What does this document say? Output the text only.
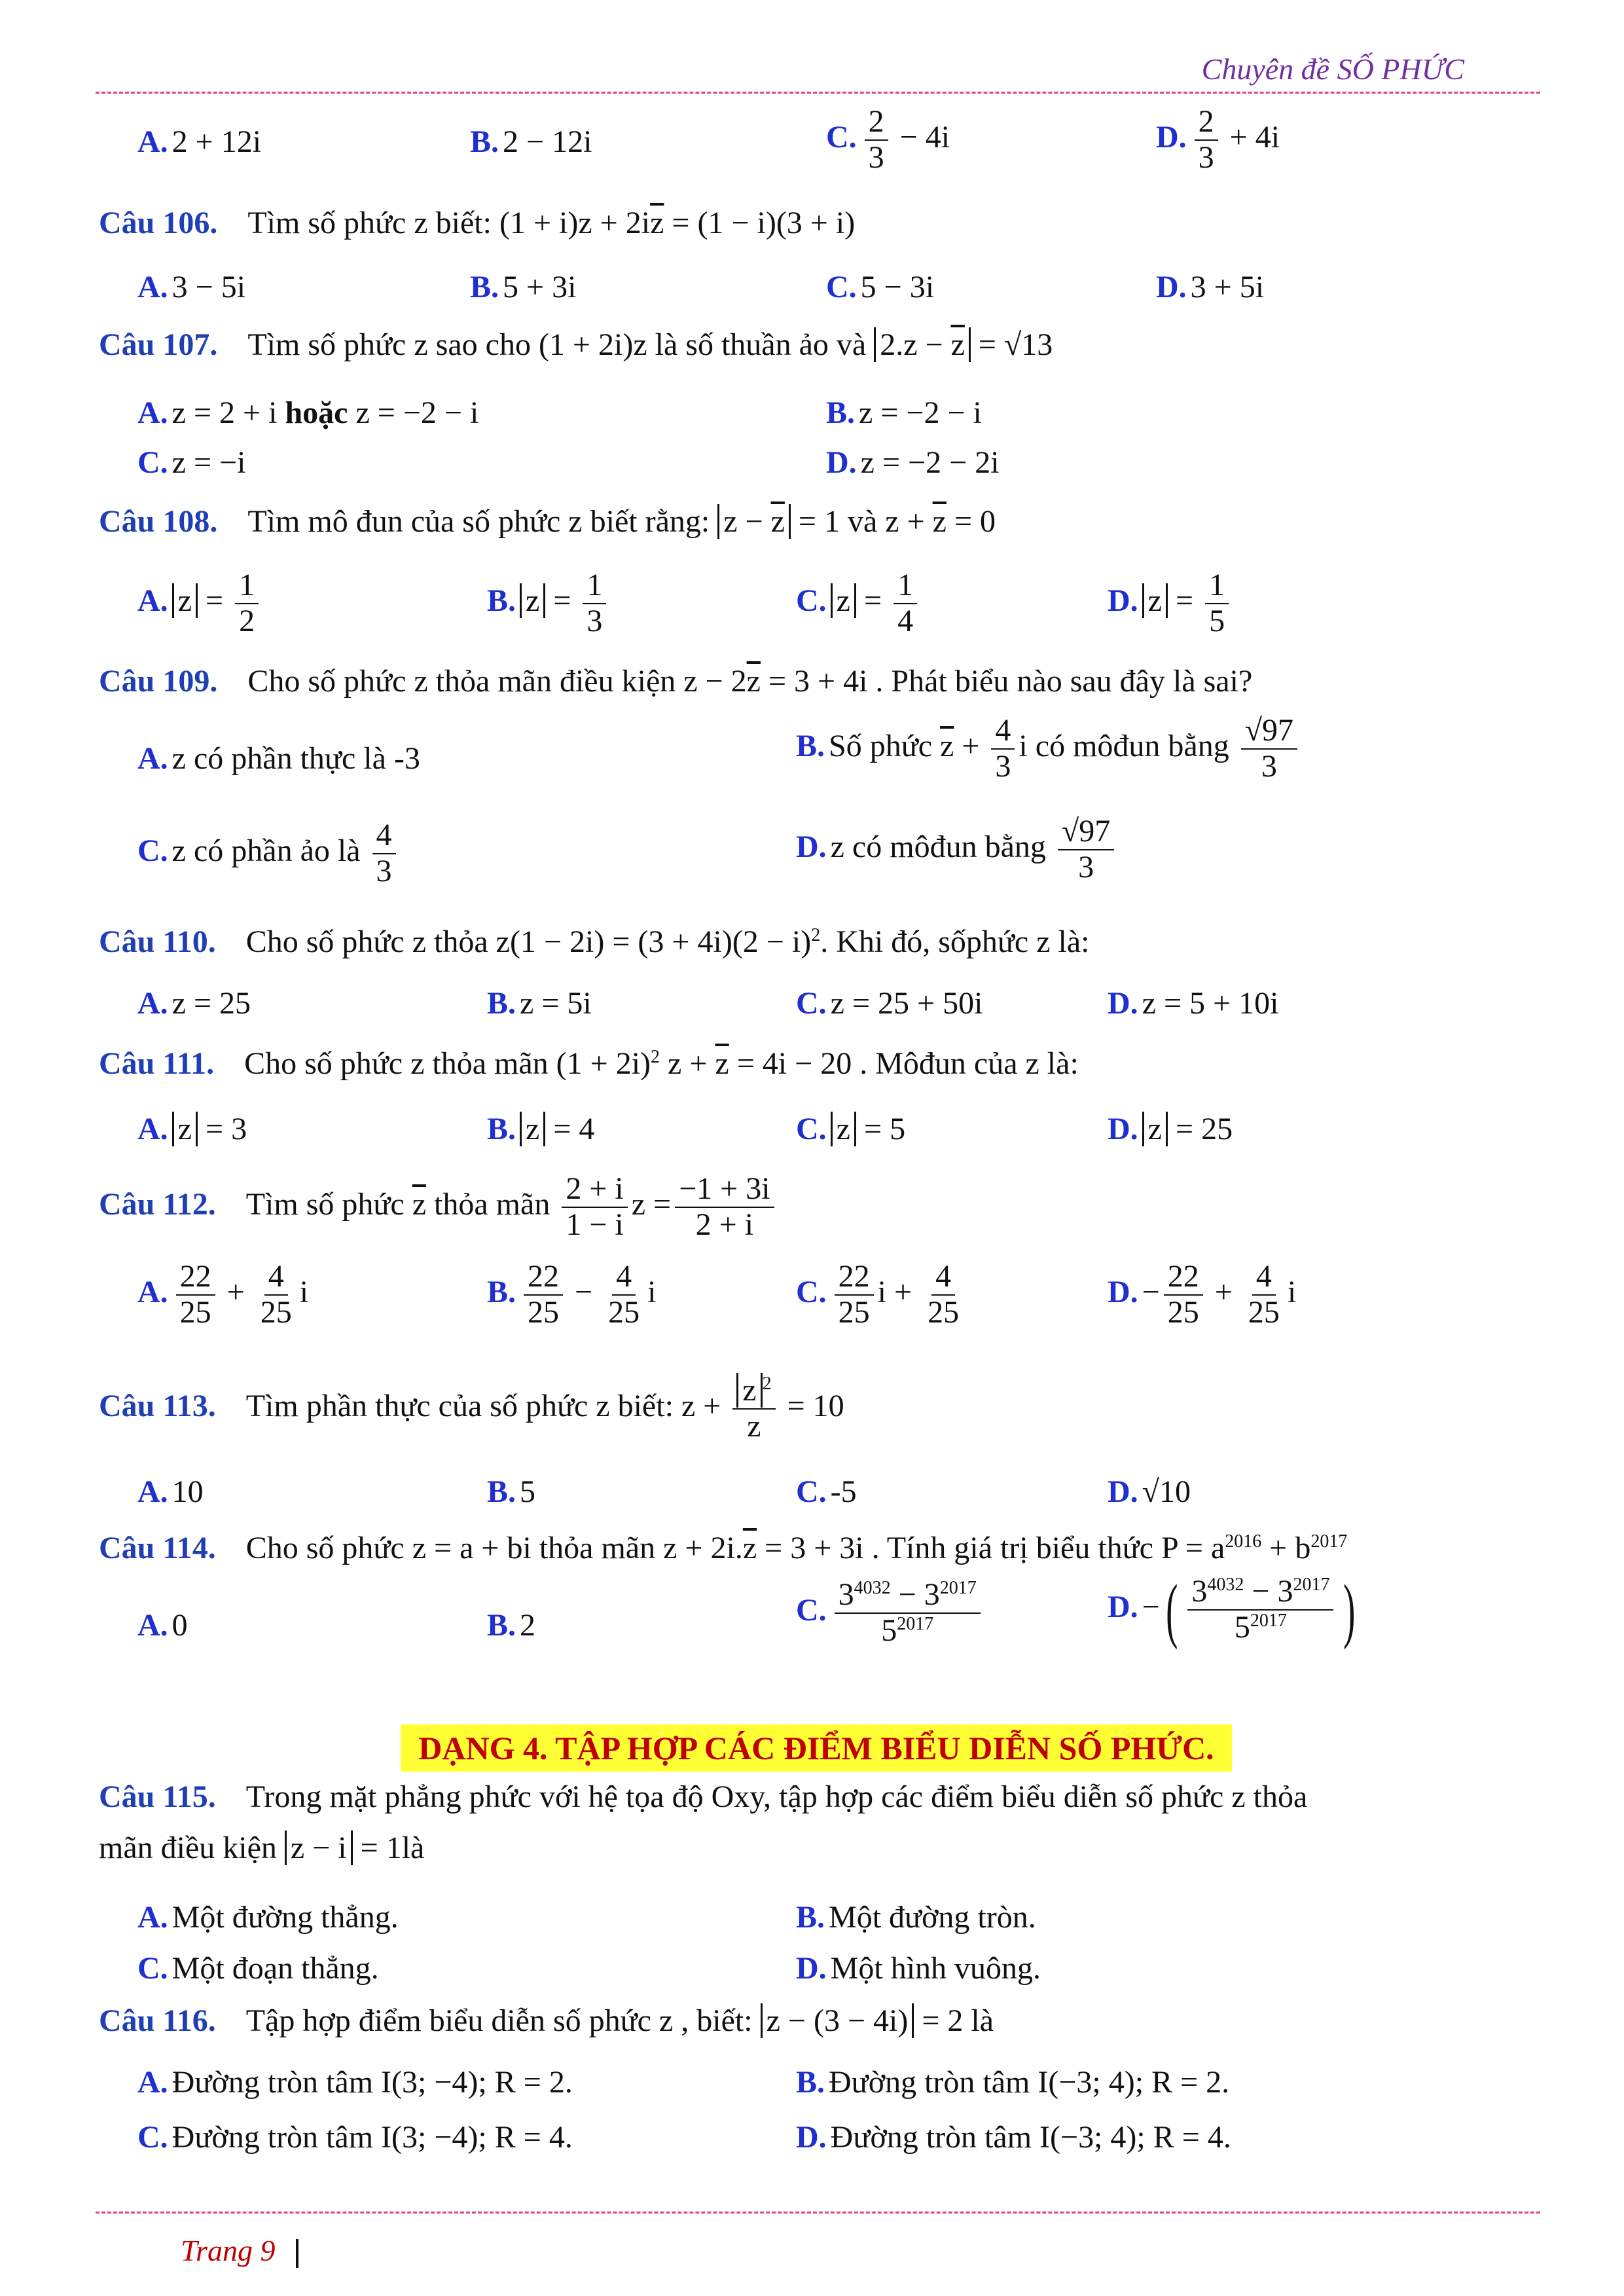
Chuyên đề SỐ PHỨC
A. 2 + 12i	B. 2 − 12i	C. $\frac{2}{3} - 4i$	D. $\frac{2}{3} + 4i$
Câu 106. Tìm số phức z biết: $(1 + i)z + 2i\overline{z} = (1 - i)(3 + i)$
A. 3 − 5i	B. 5 + 3i	C. 5 − 3i	D. 3 + 5i
Câu 107. Tìm số phức z sao cho (1 + 2i)z là số thuần ảo và $2.z - \overline{z} = √13$
A. z = 2 + i hoặc z = −2 − i	B. z = −2 − i
C. z = −i	D. z = −2 − 2i
Câu 108. Tìm mô đun của số phức z biết rằng: $z - \overline{z} = 1$ và $z + \overline{z} = 0$
A. $z = \frac{1}{2}$	B. $z = \frac{1}{3}$	C. $z = \frac{1}{4}$	D. $z = \frac{1}{5}$
Câu 109. Cho số phức z thỏa mãn điều kiện $z - 2\overline{z} = 3 + 4i$ . Phát biểu nào sau đây là sai?
A. z có phần thực là -3	B. Số phức $\overline{z} + \frac{4}{3}$ i có môđun bằng $\frac{√97}{3}$
C. z có phần ảo là $\frac{4}{3}$	D. z có môđun bằng $\frac{√97}{3}$
Câu 110. Cho số phức z thỏa $z(1 - 2i) = (3 + 4i)(2 - i)^2$. Khi đó, sốphức z là:
A. z = 25	B. z = 5i	C. z = 25 + 50i	D. z = 5 + 10i
Câu 111. Cho số phức z thỏa mãn $(1 + 2i)^2$ $z + \overline{z} = 4i - 20$ . Môđun của z là:
A. z = 3	B. z = 4	C. z = 5	D. z = 25
Câu 112. Tìm số phức $\overline{z}$ thỏa mãn $\frac{2 + i}{1 - i}$ $z = \frac{-1 + 3i}{2 + i}$
A. $\frac{22}{25} + \frac{4}{25}$ i	B. $\frac{22}{25} - \frac{4}{25}$ i	C. $\frac{22}{25}$ $i + \frac{4}{25}$	D. − $\frac{22}{25} + \frac{4}{25}$ i
Câu 113. Tìm phần thực của số phức z biết: $z + \frac{z ^2}{z} = 10$
A. 10	B. 5	C. -5	D. √10
Câu 114. Cho số phức z = a + bi thỏa mãn $z + 2i.\overline{z} = 3 + 3i$ . Tính giá trị biểu thức $P = a^{2016} + b^{2017}$
A. 0	B. 2	C. $\frac{3^{4032} - 3^{2017}}{5^{2017}}$	D. −( $\frac{3^{4032} - 3^{2017}}{5^{2017}}$ )
DẠNG 4. TẬP HỢP CÁC ĐIỂM BIỂU DIỄN SỐ PHỨC.
Câu 115. Trong mặt phẳng phức với hệ tọa độ Oxy, tập hợp các điểm biểu diễn số phức z thỏa
mãn điều kiện z − i = 1là
A. Một đường thẳng.	B. Một đường tròn.
C. Một đoạn thẳng.	D. Một hình vuông.
Câu 116. Tập hợp điểm biểu diễn số phức z , biết: z − (3 − 4i) = 2 là
A. Đường tròn tâm I(3; −4); R = 2.	B. Đường tròn tâm I(−3; 4); R = 2.
C. Đường tròn tâm I(3; −4); R = 4.	D. Đường tròn tâm I(−3; 4); R = 4.
Trang 9
